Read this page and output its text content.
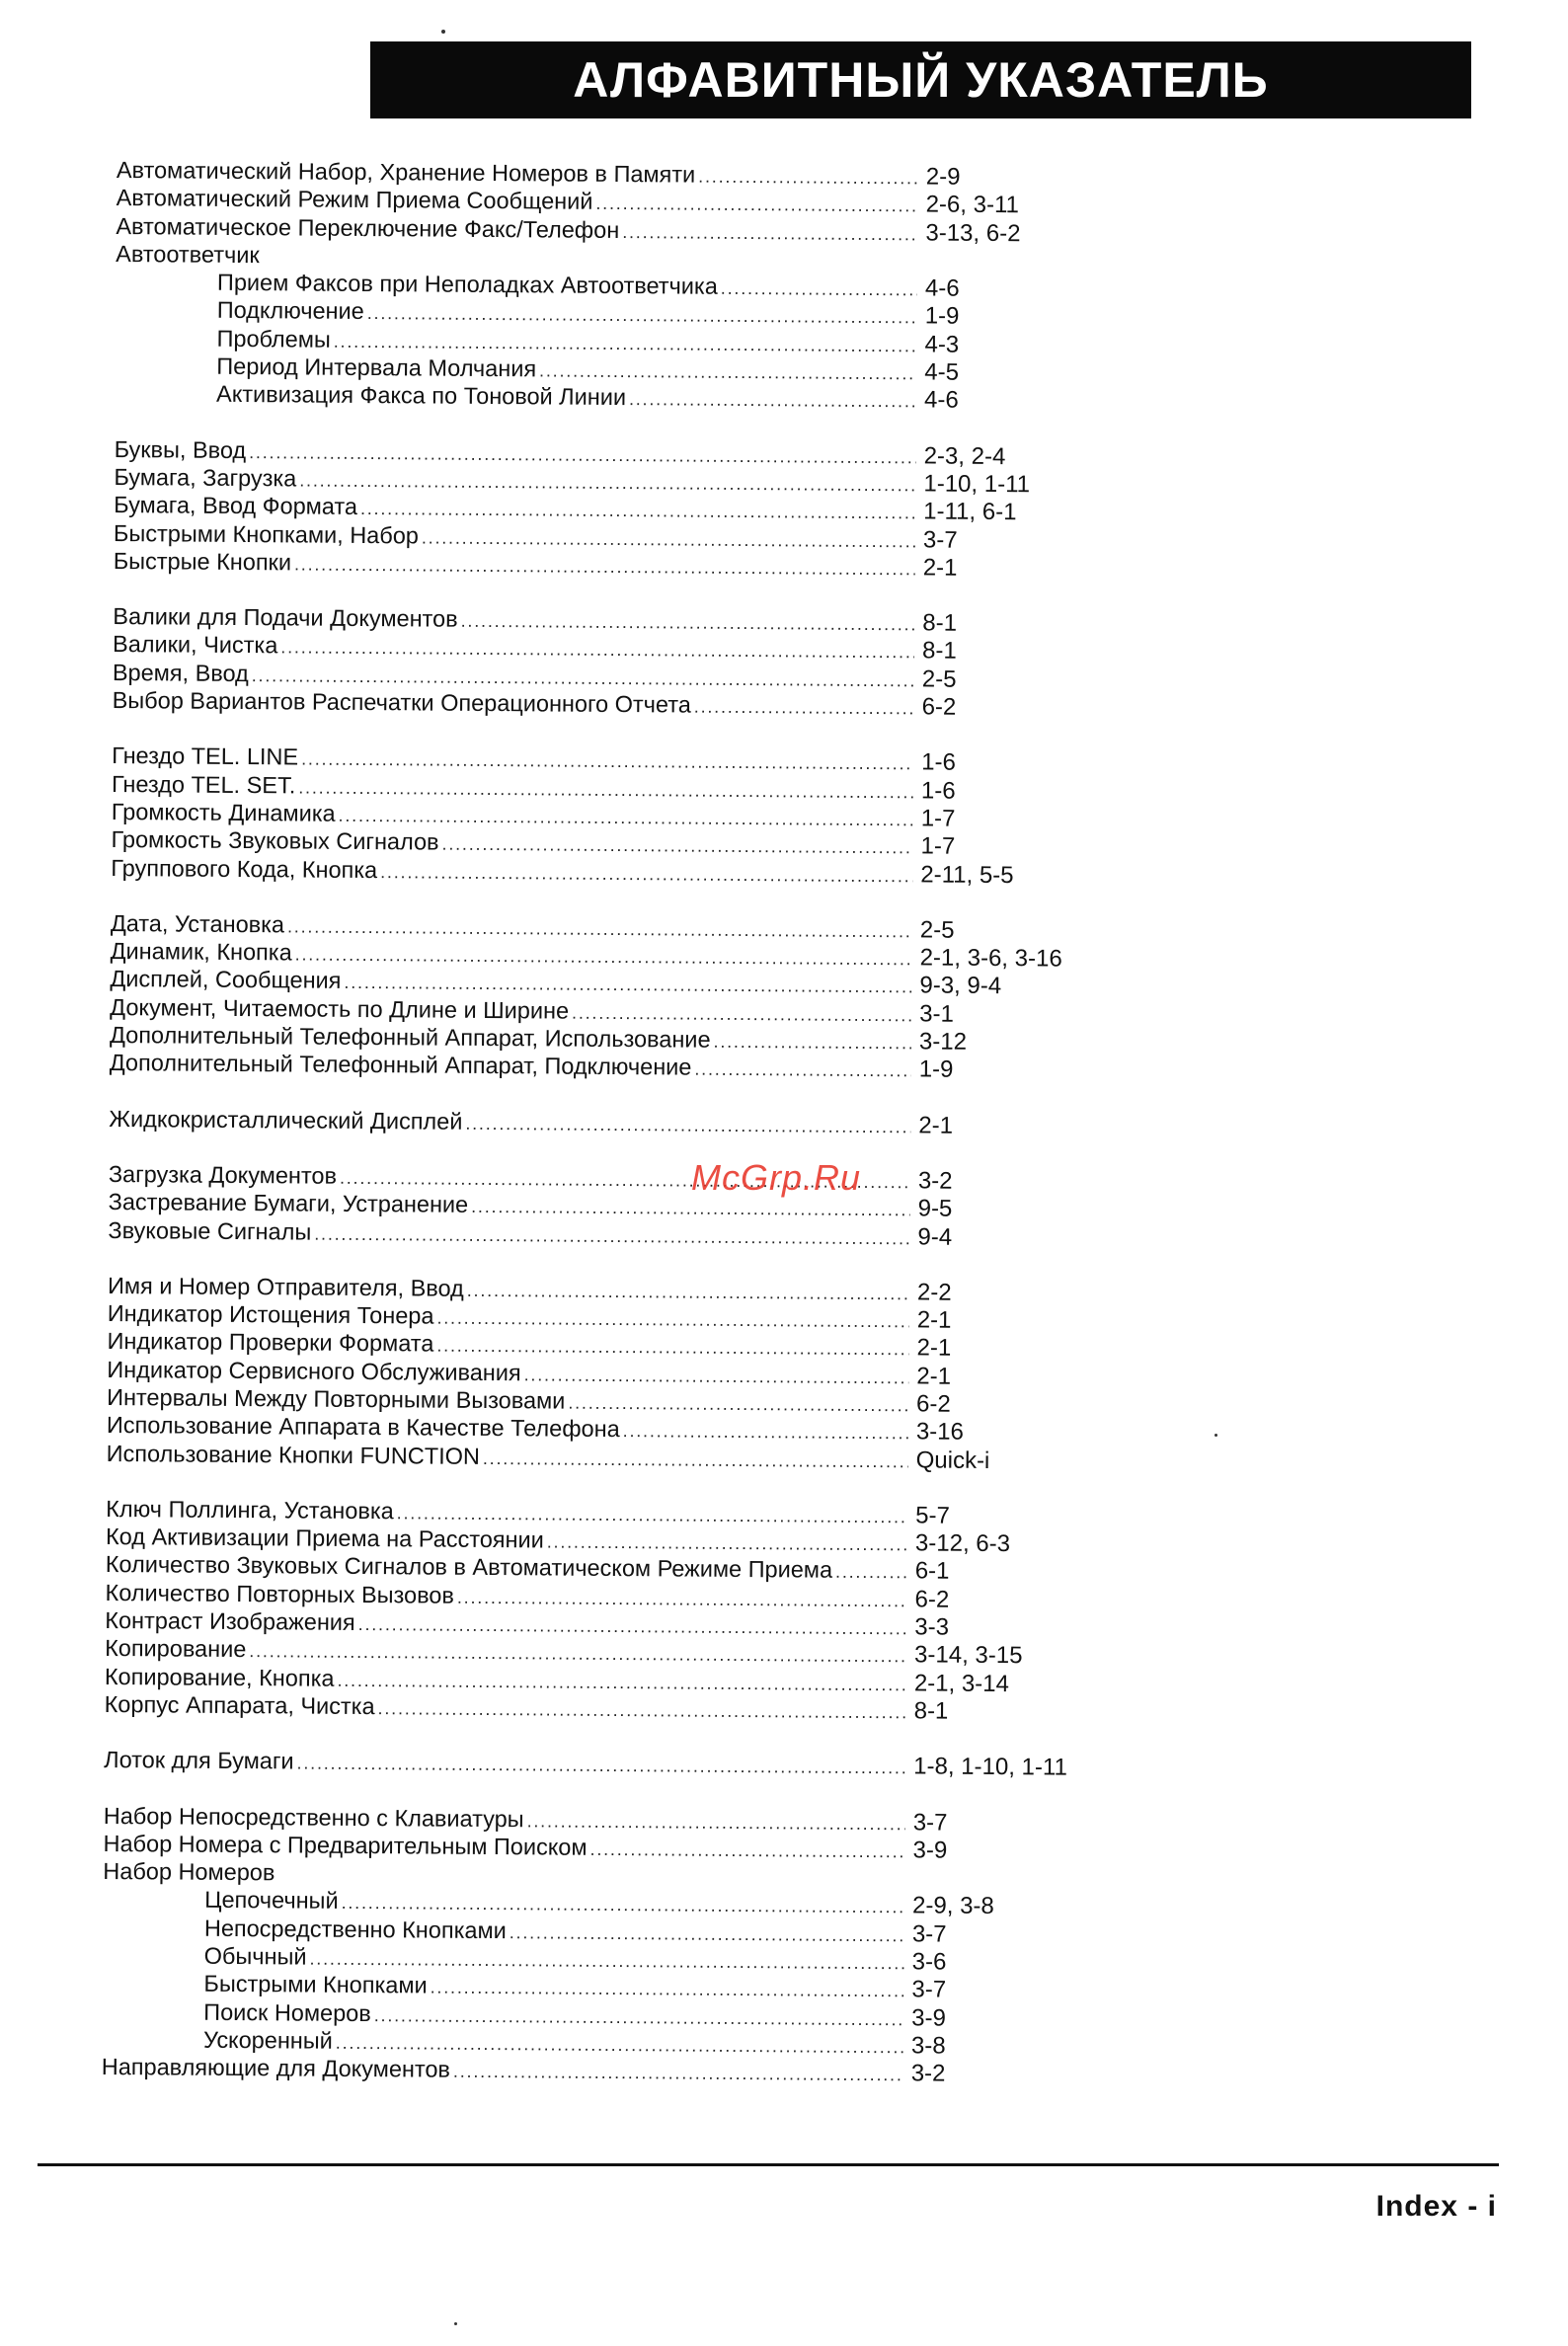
АЛФАВИТНЫЙ УКАЗАТЕЛЬ
Автоматический Набор, Хранение Номеров в Памяти . . .	2-9
Автоматический Режим Приема Сообщений . . .	2-6, 3-11
Автоматическое Переключение Факс/Телефон . . .	3-13, 6-2
Автоответчик
Прием Факсов при Неполадках Автоответчика . . .	4-6
Подключение . . .	1-9
Проблемы . . .	4-3
Период Интервала Молчания . . .	4-5
Активизация Факса по Тоновой Линии . . .	4-6
Буквы, Ввод . . .	2-3, 2-4
Бумага, Загрузка . . .	1-10, 1-11
Бумага, Ввод Формата . . .	1-11, 6-1
Быстрыми Кнопками, Набор . . .	3-7
Быстрые Кнопки . . .	2-1
Валики для Подачи Документов . . .	8-1
Валики, Чистка . . .	8-1
Время, Ввод . . .	2-5
Выбор Вариантов Распечатки Операционного Отчета . . .	6-2
Гнездо TEL. LINE . . .	1-6
Гнездо TEL. SET. . . .	1-6
Громкость Динамика . . .	1-7
Громкость Звуковых Сигналов . . .	1-7
Группового Кода, Кнопка . . .	2-11, 5-5
Дата, Установка . . .	2-5
Динамик, Кнопка . . .	2-1, 3-6, 3-16
Дисплей, Сообщения . . .	9-3, 9-4
Документ, Читаемость по Длине и Ширине . . .	3-1
Дополнительный Телефонный Аппарат, Использование . . .	3-12
Дополнительный Телефонный Аппарат, Подключение . . .	1-9
Жидкокристаллический Дисплей . . .	2-1
Загрузка Документов . . .	3-2
Застревание Бумаги, Устранение . . .	9-5
Звуковые Сигналы . . .	9-4
Имя и Номер Отправителя, Ввод . . .	2-2
Индикатор Истощения Тонера . . .	2-1
Индикатор Проверки Формата . . .	2-1
Индикатор Сервисного Обслуживания . . .	2-1
Интервалы Между Повторными Вызовами . . .	6-2
Использование Аппарата в Качестве Телефона . . .	3-16
Использование Кнопки FUNCTION . . .	Quick-i
Ключ Поллинга, Установка . . .	5-7
Код Активизации Приема на Расстоянии . . .	3-12, 6-3
Количество Звуковых Сигналов в Автоматическом Режиме Приема . . .	6-1
Количество Повторных Вызовов . . .	6-2
Контраст Изображения . . .	3-3
Копирование . . .	3-14, 3-15
Копирование, Кнопка . . .	2-1, 3-14
Корпус Аппарата, Чистка . . .	8-1
Лоток для Бумаги . . .	1-8, 1-10, 1-11
Набор Непосредственно с Клавиатуры . . .	3-7
Набор Номера с Предварительным Поиском . . .	3-9
Набор Номеров
Цепочечный . . .	2-9, 3-8
Непосредственно Кнопками . . .	3-7
Обычный . . .	3-6
Быстрыми Кнопками . . .	3-7
Поиск Номеров . . .	3-9
Ускоренный . . .	3-8
Направляющие для Документов . . .	3-2
McGrp.Ru
Index - i
